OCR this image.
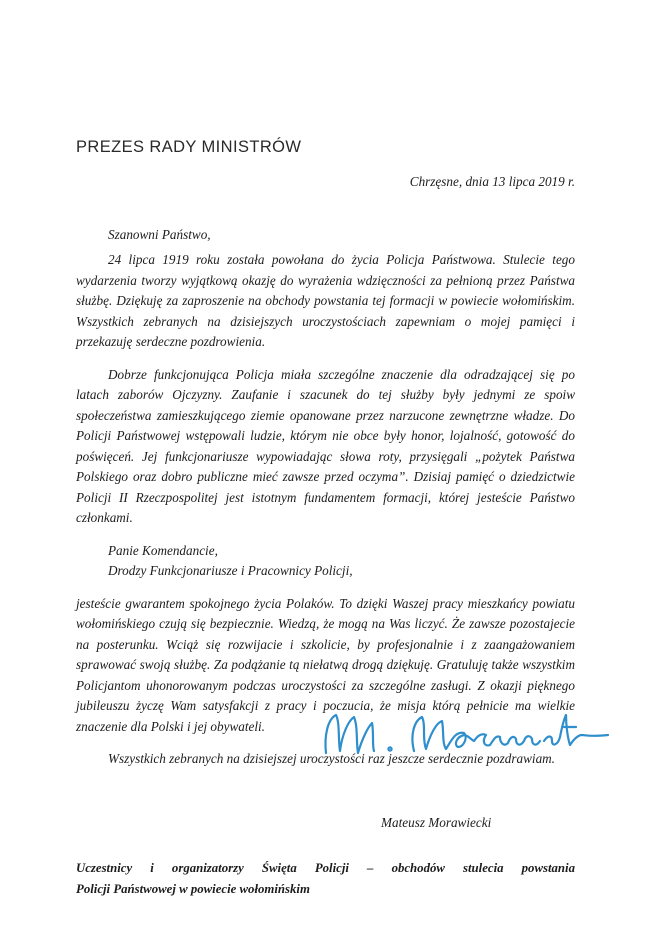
PREZES RADY MINISTRÓW
Chrzęsne, dnia 13 lipca 2019 r.
Szanowni Państwo,

24 lipca 1919 roku została powołana do życia Policja Państwowa. Stulecie tego wydarzenia tworzy wyjątkową okazję do wyrażenia wdzięczności za pełnioną przez Państwa służbę. Dziękuję za zaproszenie na obchody powstania tej formacji w powiecie wołomińskim. Wszystkich zebranych na dzisiejszych uroczystościach zapewniam o mojej pamięci i przekazuję serdeczne pozdrowienia.

Dobrze funkcjonująca Policja miała szczególne znaczenie dla odradzającej się po latach zaborów Ojczyzny. Zaufanie i szacunek do tej służby były jednymi ze spoiw społeczeństwa zamieszkującego ziemie opanowane przez narzucone zewnętrzne władze. Do Policji Państwowej wstępowali ludzie, którym nie obce były honor, lojalność, gotowość do poświęceń. Jej funkcjonariusze wypowiadając słowa roty, przysięgali „pożytek Państwa Polskiego oraz dobro publiczne mieć zawsze przed oczyma”. Dzisiaj pamięć o dziedzictwie Policji II Rzeczpospolitej jest istotnym fundamentem formacji, której jesteście Państwo członkami.

Panie Komendancie,
Drodzy Funkcjonariusze i Pracownicy Policji,

jesteście gwarantem spokojnego życia Polaków. To dzięki Waszej pracy mieszkańcy powiatu wołomińskiego czują się bezpiecznie. Wiedzą, że mogą na Was liczyć. Że zawsze pozostajecie na posterunku. Wciąż się rozwijacie i szkolicie, by profesjonalnie i z zaangażowaniem sprawować swoją służbę. Za podążanie tą niełatwą drogą dziękuję. Gratuluję także wszystkim Policjantom uhonorowanym podczas uroczystości za szczególne zasługi. Z okazji pięknego jubileuszu życzę Wam satysfakcji z pracy i poczucia, że misja którą pełnicie ma wielkie znaczenie dla Polski i jej obywateli.

Wszystkich zebranych na dzisiejszej uroczystości raz jeszcze serdecznie pozdrawiam.

Mateusz Morawiecki
Uczestnicy i organizatorzy Święta Policji – obchodów stulecia powstania
Policji Państwowej w powiecie wołomińskim
